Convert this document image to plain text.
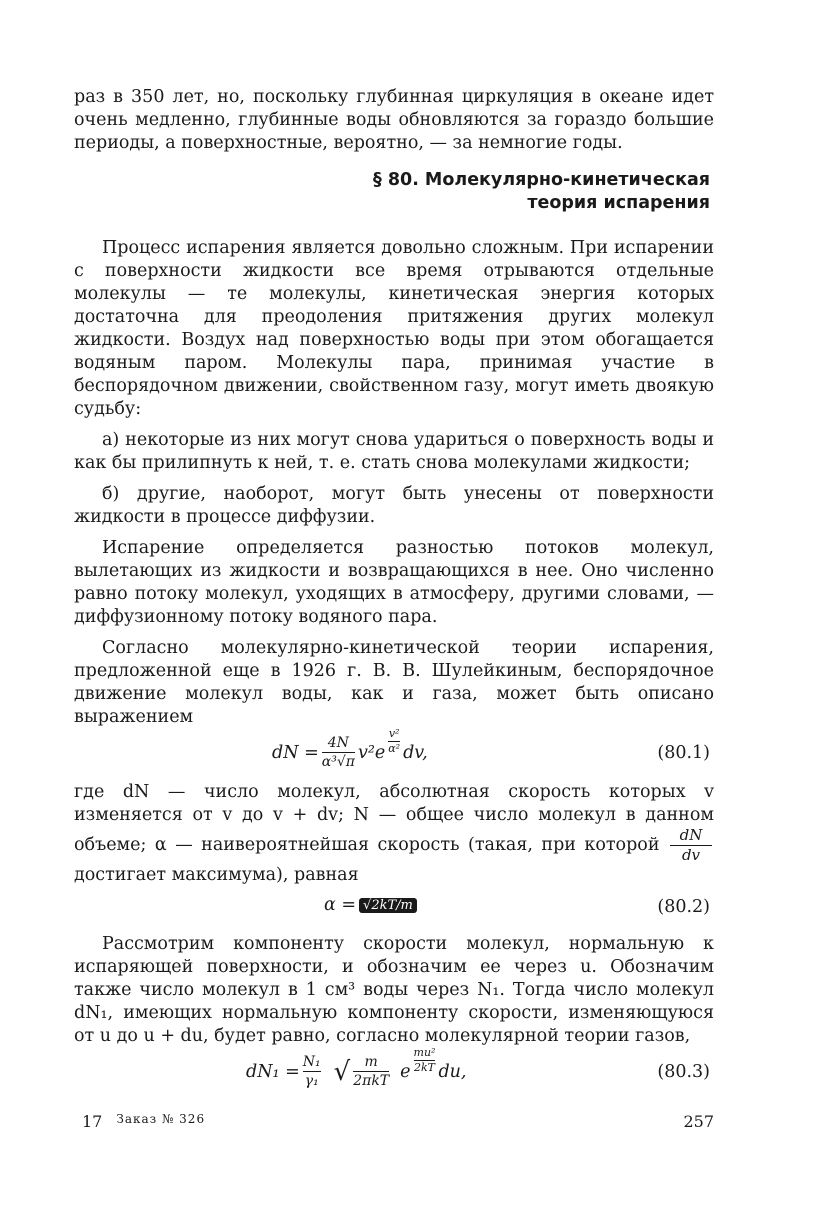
раз в 350 лет, но, поскольку глубинная циркуляция в океане идет очень медленно, глубинные воды обновляются за гораздо большие периоды, а поверхностные, вероятно, — за немногие годы.

§ 80. Молекулярно-кинетическая
теория испарения

Процесс испарения является довольно сложным. При испарении с поверхности жидкости все время отрываются отдельные молекулы — те молекулы, кинетическая энергия которых достаточна для преодоления притяжения других молекул жидкости. Воздух над поверхностью воды при этом обогащается водяным паром. Молекулы пара, принимая участие в беспорядочном движении, свойственном газу, могут иметь двоякую судьбу:

а) некоторые из них могут снова удариться о поверхность воды и как бы прилипнуть к ней, т. е. стать снова молекулами жидкости;

б) другие, наоборот, могут быть унесены от поверхности жидкости в процессе диффузии.

Испарение определяется разностью потоков молекул, вылетающих из жидкости и возвращающихся в нее. Оно численно равно потоку молекул, уходящих в атмосферу, другими словами, — диффузионному потоку водяного пара.

Согласно молекулярно-кинетической теории испарения, предложенной еще в 1926 г. В. В. Шулейкиным, беспорядочное движение молекул воды, как и газа, может быть описано выражением

dN = $\frac{4N}{\text{α³√π}} v^2e \frac{\text{v²}}{\text{α²}}$ dv,	(80.1)

где dN — число молекул, абсолютная скорость которых v изменяется от v до v + dv; N — общее число молекул в данном объеме; α — наивероятнейшая скорость (такая, при которой $\frac{dN}{dv}$
достигает максимума), равная

α = √2kT/m	(80.2)

Рассмотрим компоненту скорости молекул, нормальную к испаряющей поверхности, и обозначим ее через u. Обозначим также число молекул в 1 см³ воды через N₁. Тогда число молекул dN₁, имеющих нормальную компоненту скорости, изменяющуюся от u до u + du, будет равно, согласно молекулярной теории газов,

$dN_1 = \frac{\text{N₁}}{\text{γ₁}}$ √ $\frac{m}{\text{2πkT}}$ e $\frac{\text{mu²}}{2kT}$ du,	(80.3)
17 Заказ № 326	257
